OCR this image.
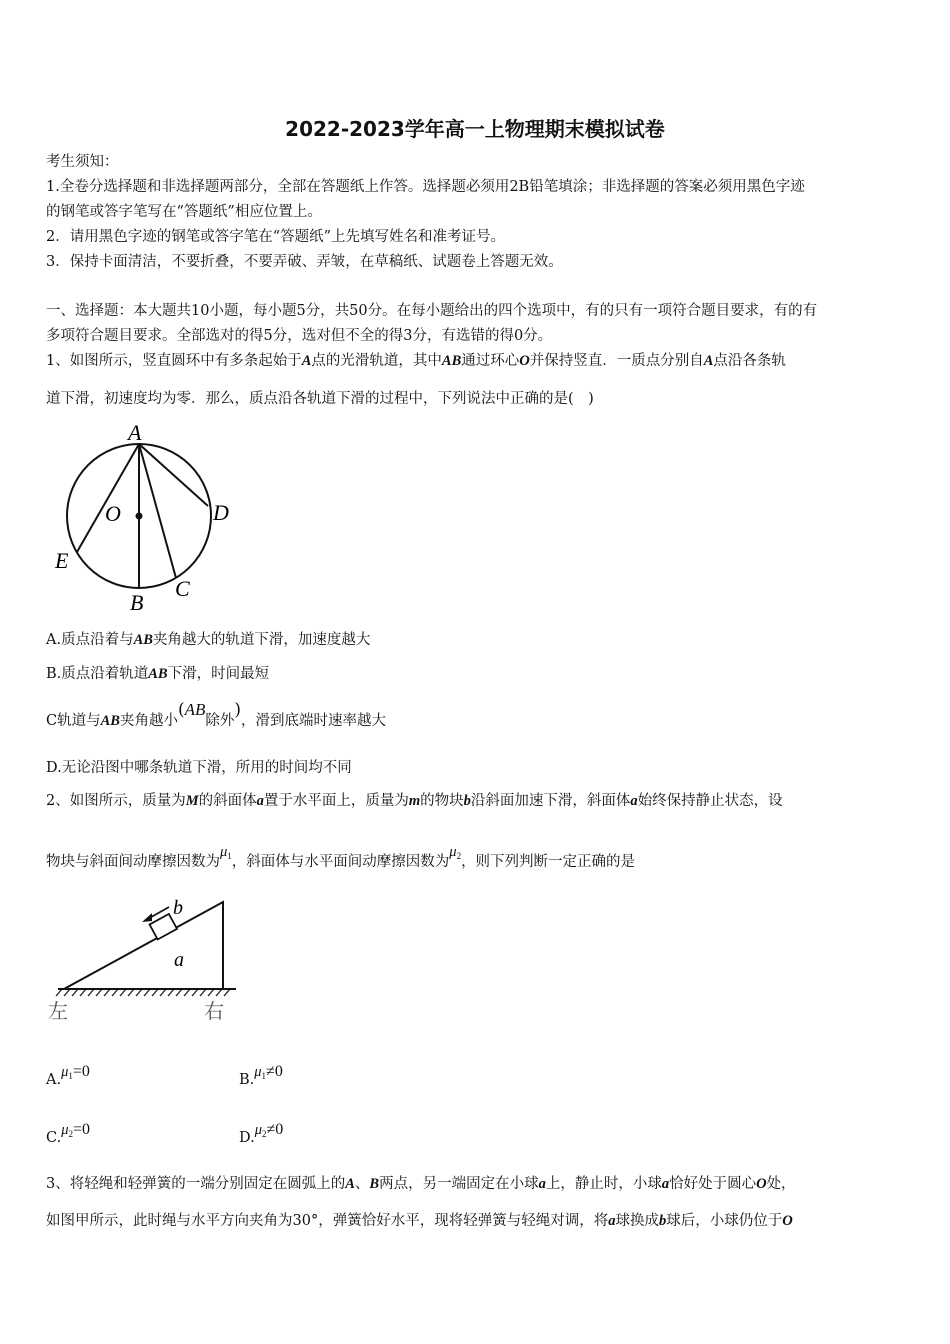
2022-2023学年高一上物理期末模拟试卷
考生须知：
1.全卷分选择题和非选择题两部分，全部在答题纸上作答。选择题必须用2B铅笔填涂；非选择题的答案必须用黑色字迹
的钢笔或答字笔写在“答题纸”相应位置上。
2．请用黑色字迹的钢笔或答字笔在“答题纸”上先填写姓名和准考证号。
3．保持卡面清洁，不要折叠，不要弄破、弄皱，在草稿纸、试题卷上答题无效。
一、选择题：本大题共10小题，每小题5分，共50分。在每小题给出的四个选项中，有的只有一项符合题目要求，有的有
多项符合题目要求。全部选对的得5分，选对但不全的得3分，有选错的得0分。
1、如图所示，竖直圆环中有多条起始于A点的光滑轨道，其中AB通过环心O并保持竖直．一质点分别自A点沿各条轨
道下滑，初速度均为零．那么，质点沿各轨道下滑的过程中，下列说法中正确的是(　)
A
O	D
E
C
B
A.质点沿着与AB夹角越大的轨道下滑，加速度越大
B.质点沿着轨道AB下滑，时间最短
C轨道与AB夹角越小(AB除外)，滑到底端时速率越大
D.无论沿图中哪条轨道下滑，所用的时间均不同
2、如图所示，质量为M的斜面体a置于水平面上，质量为m的物块b沿斜面加速下滑，斜面体a始终保持静止状态，设
物块与斜面间动摩擦因数为$\mu_1$，斜面体与水平面间动摩擦因数为$\mu_2$，则下列判断一定正确的是
b
a
左	右
$A.\mu_1=0$	$B.\mu_1\ne 0$
$C.\mu_2=0$	$D.\mu_2\ne 0$
3、将轻绳和轻弹簧的一端分别固定在圆弧上的A、B两点，另一端固定在小球a上，静止时，小球a恰好处于圆心O处，
如图甲所示，此时绳与水平方向夹角为30°，弹簧恰好水平，现将轻弹簧与轻绳对调，将a球换成b球后，小球仍位于O
